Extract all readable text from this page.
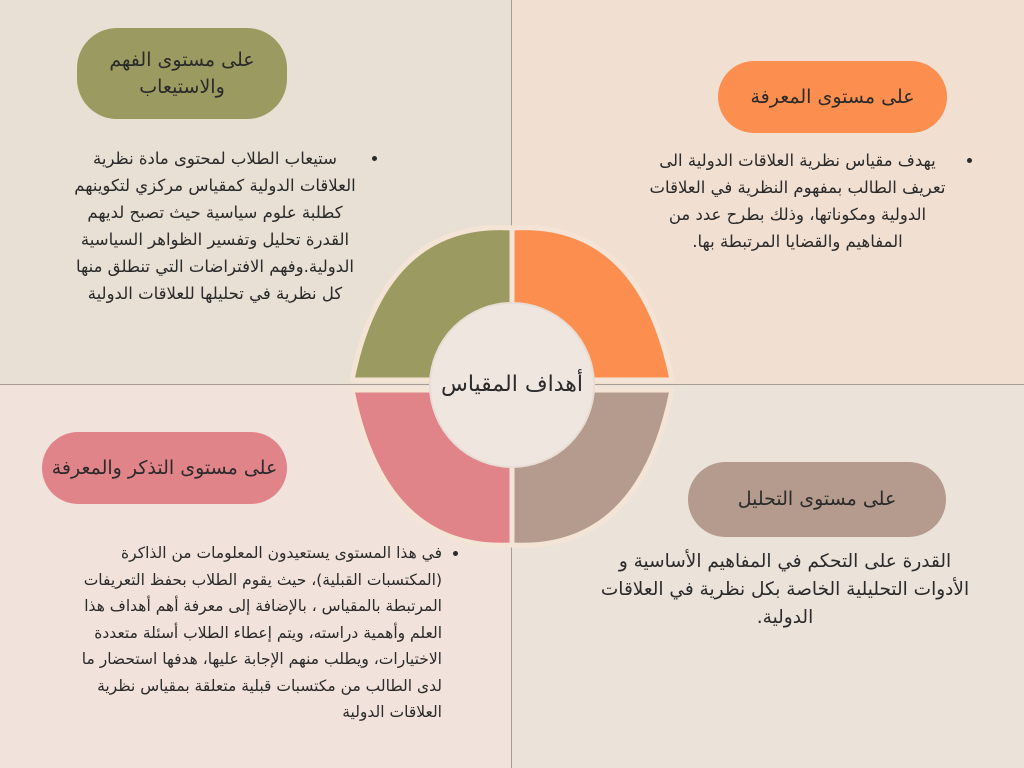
أهداف المقياس
على مستوى الفهم والاستيعاب	على مستوى المعرفة
على مستوى التذكر والمعرفة
على مستوى التحليل
• ستيعاب الطلاب لمحتوى مادة نظرية العلاقات الدولية كمقياس مركزي لتكوينهم كطلبة علوم سياسية حيث تصبح لديهم القدرة تحليل وتفسير الظواهر السياسية الدولية.وفهم الافتراضات التي تنطلق منها كل نظرية في تحليلها للعلاقات الدولية
• يهدف مقياس نظرية العلاقات الدولية الى تعريف الطالب بمفهوم النظرية في العلاقات الدولية ومكوناتها، وذلك بطرح عدد من المفاهيم والقضايا المرتبطة بها.
• في هذا المستوى يستعيدون المعلومات من الذاكرة (المكتسبات القبلية)، حيث يقوم الطلاب بحفظ التعريفات المرتبطة بالمقياس ، بالإضافة إلى معرفة أهم أهداف هذا العلم وأهمية دراسته، ويتم إعطاء الطلاب أسئلة متعددة الاختيارات، ويطلب منهم الإجابة عليها، هدفها استحضار ما لدى الطالب من مكتسبات قبلية متعلقة بمقياس نظرية العلاقات الدولية
القدرة على التحكم في المفاهيم الأساسية و الأدوات التحليلية الخاصة بكل نظرية في العلاقات الدولية.
